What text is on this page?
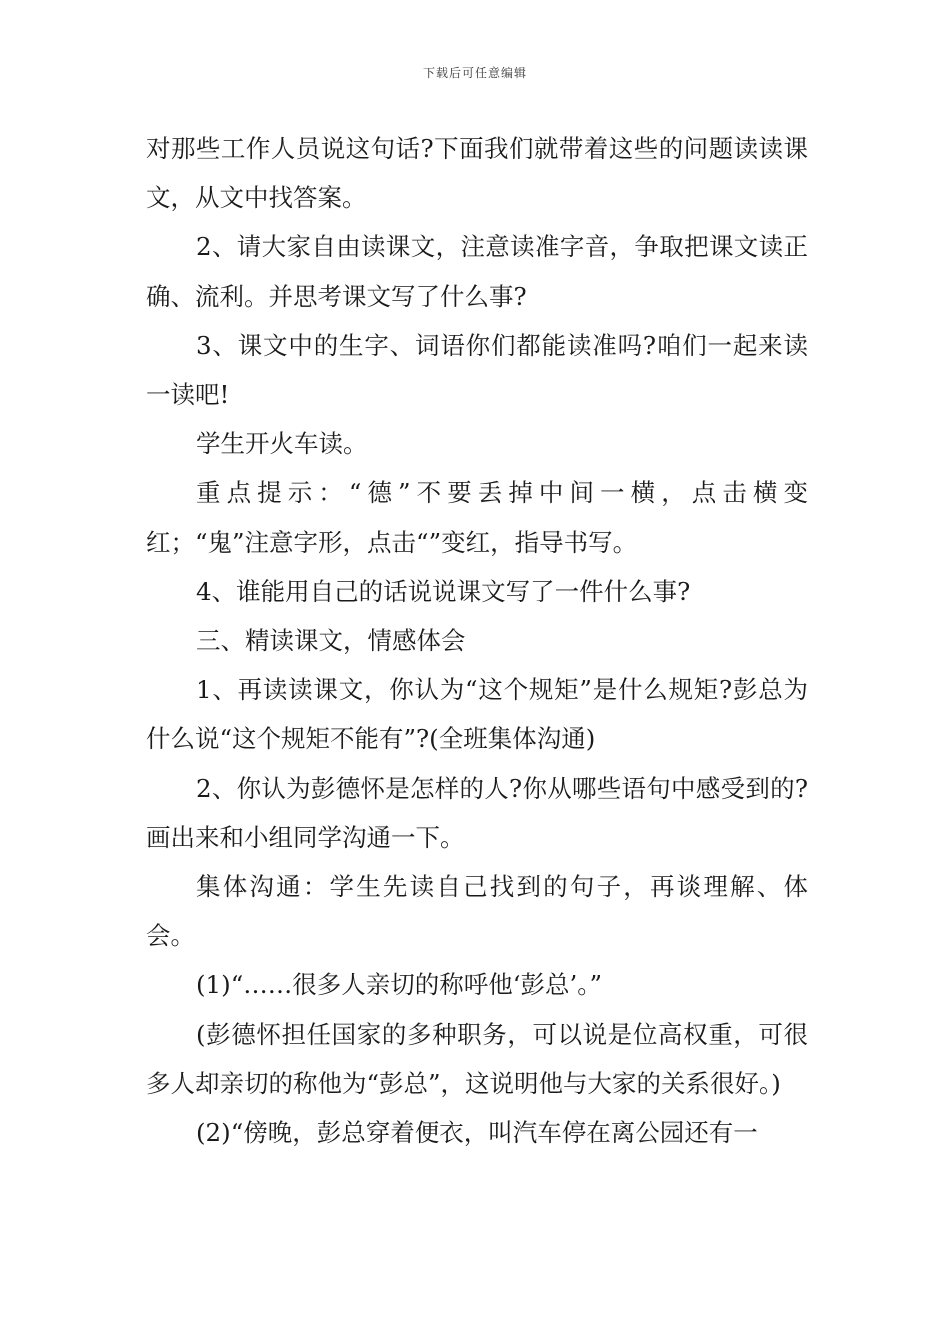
下载后可任意编辑

对那些工作人员说这句话?下面我们就带着这些的问题读读课文，从文中找答案。

2、请大家自由读课文，注意读准字音，争取把课文读正确、流利。并思考课文写了什么事?

3、课文中的生字、词语你们都能读准吗?咱们一起来读一读吧!

学生开火车读。

重点提示：“德”不要丢掉中间一横，点击横变红；“鬼”注意字形，点击“”变红，指导书写。

4、谁能用自己的话说说课文写了一件什么事?

三、精读课文，情感体会

1、再读读课文，你认为“这个规矩”是什么规矩?彭总为什么说“这个规矩不能有”?(全班集体沟通)

2、你认为彭德怀是怎样的人?你从哪些语句中感受到的?画出来和小组同学沟通一下。

集体沟通：学生先读自己找到的句子，再谈理解、体会。

(1)“……很多人亲切的称呼他‘彭总’。”

(彭德怀担任国家的多种职务，可以说是位高权重，可很多人却亲切的称他为“彭总”，这说明他与大家的关系很好。)

(2)“傍晚，彭总穿着便衣，叫汽车停在离公园还有一
